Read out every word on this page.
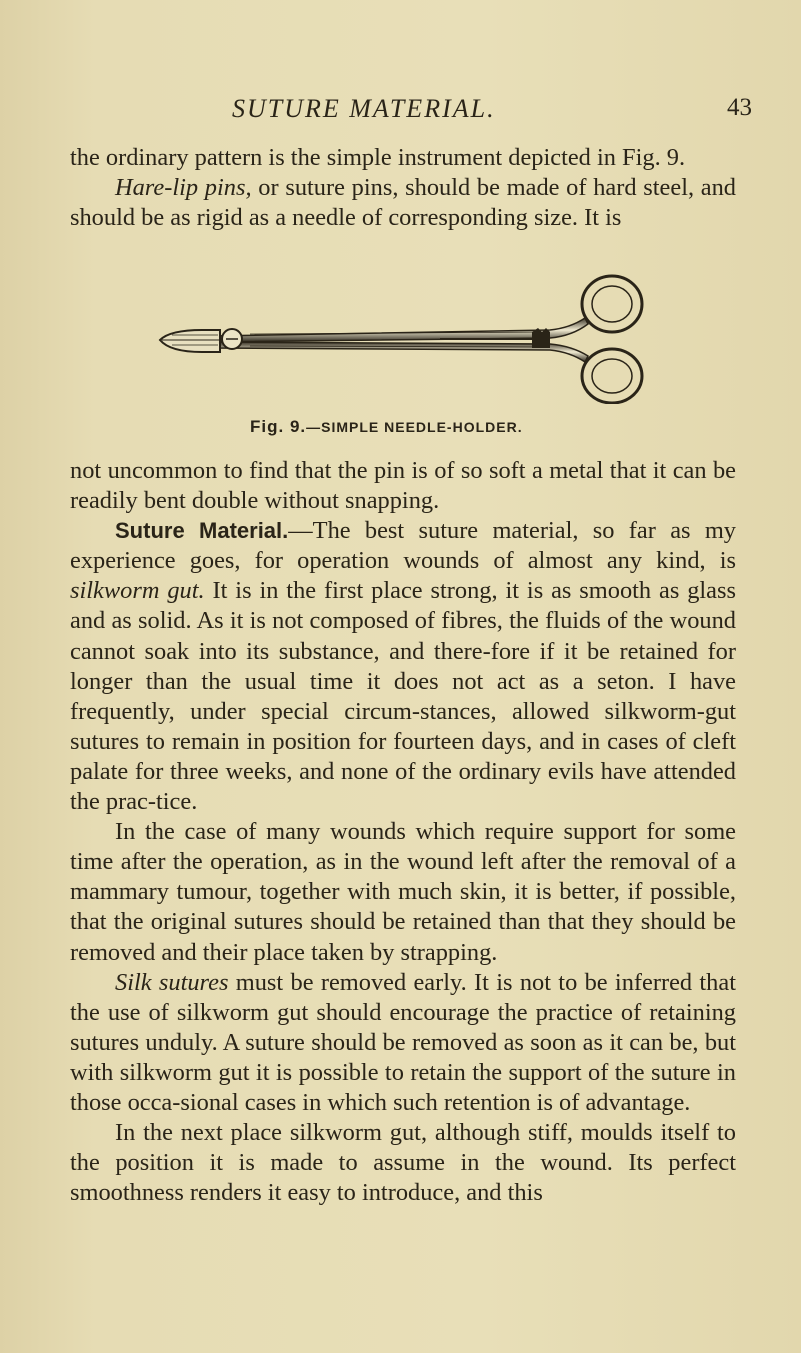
SUTURE MATERIAL.	43

the ordinary pattern is the simple instrument depicted in Fig. 9.

Hare-lip pins, or suture pins, should be made of hard steel, and should be as rigid as a needle of corresponding size. It is

Fig. 9.—SIMPLE NEEDLE-HOLDER.

not uncommon to find that the pin is of so soft a metal that it can be readily bent double without snapping.

Suture Material.—The best suture material, so far as my experience goes, for operation wounds of almost any kind, is silkworm gut. It is in the first place strong, it is as smooth as glass and as solid. As it is not composed of fibres, the fluids of the wound cannot soak into its substance, and there-fore if it be retained for longer than the usual time it does not act as a seton. I have frequently, under special circum-stances, allowed silkworm-gut sutures to remain in position for fourteen days, and in cases of cleft palate for three weeks, and none of the ordinary evils have attended the prac-tice.

In the case of many wounds which require support for some time after the operation, as in the wound left after the removal of a mammary tumour, together with much skin, it is better, if possible, that the original sutures should be retained than that they should be removed and their place taken by strapping.

Silk sutures must be removed early. It is not to be inferred that the use of silkworm gut should encourage the practice of retaining sutures unduly. A suture should be removed as soon as it can be, but with silkworm gut it is possible to retain the support of the suture in those occa-sional cases in which such retention is of advantage.

In the next place silkworm gut, although stiff, moulds itself to the position it is made to assume in the wound. Its perfect smoothness renders it easy to introduce, and this
